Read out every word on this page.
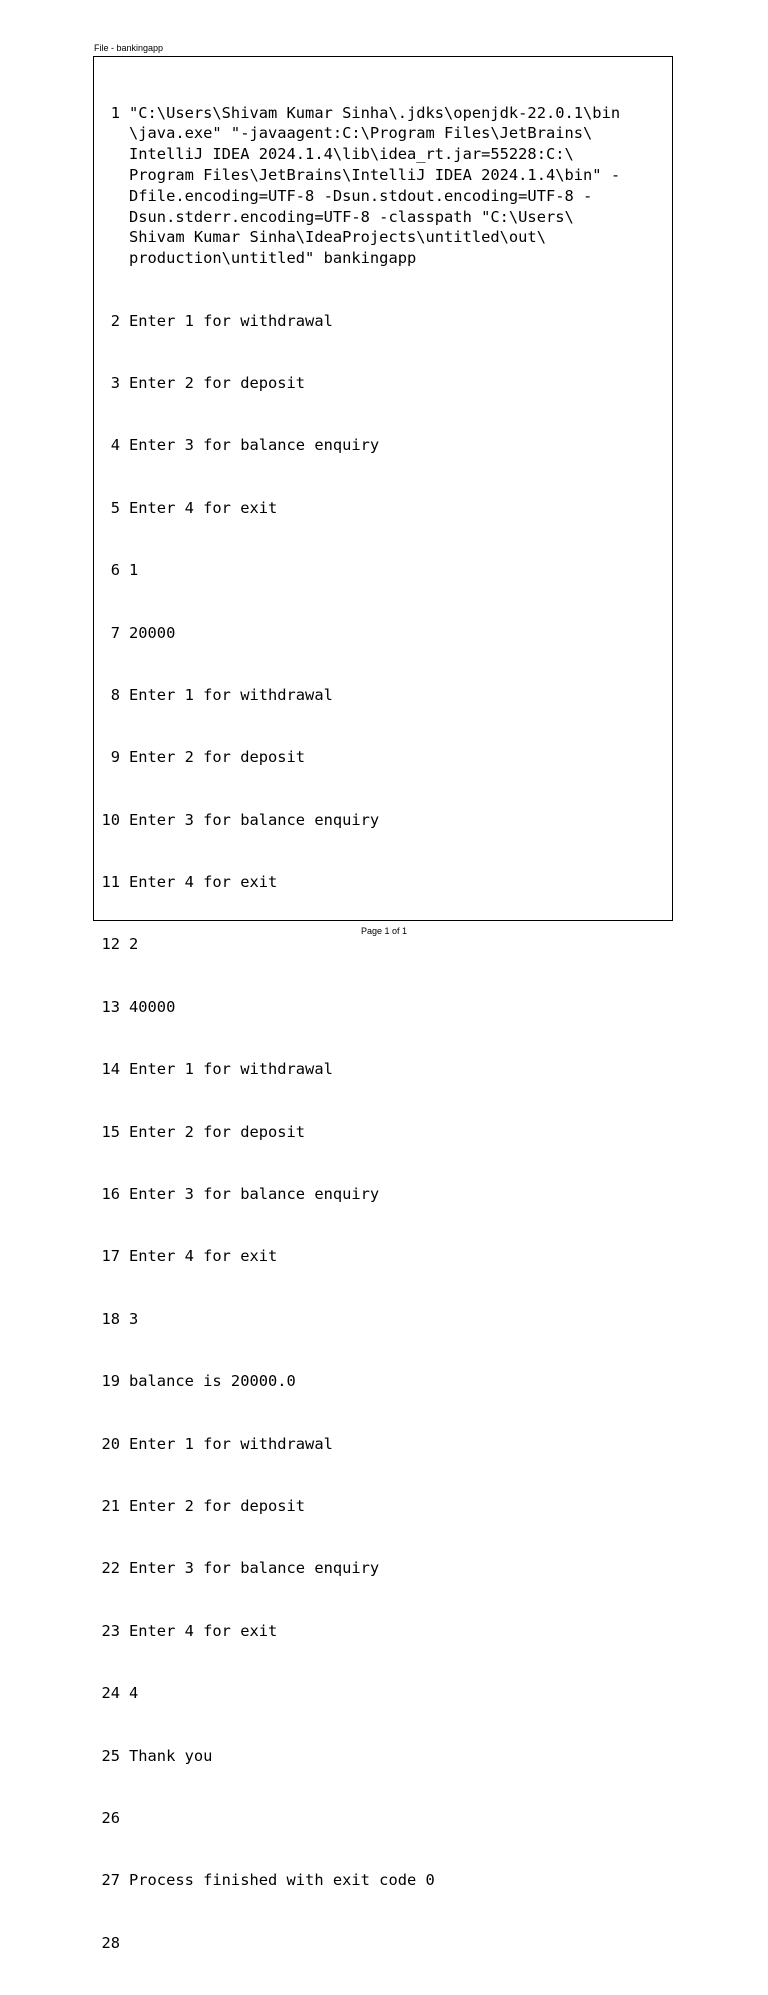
File - bankingapp

1 "C:\Users\Shivam Kumar Sinha\.jdks\openjdk-22.0.1\bin
\java.exe" "-javaagent:C:\Program Files\JetBrains\
IntelliJ IDEA 2024.1.4\lib\idea_rt.jar=55228:C:\
Program Files\JetBrains\IntelliJ IDEA 2024.1.4\bin" -
Dfile.encoding=UTF-8 -Dsun.stdout.encoding=UTF-8 -
Dsun.stderr.encoding=UTF-8 -classpath "C:\Users\
Shivam Kumar Sinha\IdeaProjects\untitled\out\
production\untitled" bankingapp

2 Enter 1 for withdrawal

3 Enter 2 for deposit

4 Enter 3 for balance enquiry

5 Enter 4 for exit

6 1

7 20000

8 Enter 1 for withdrawal

9 Enter 2 for deposit

10 Enter 3 for balance enquiry

11 Enter 4 for exit

12 2

13 40000

14 Enter 1 for withdrawal

15 Enter 2 for deposit

16 Enter 3 for balance enquiry

17 Enter 4 for exit

18 3

19 balance is 20000.0

20 Enter 1 for withdrawal

21 Enter 2 for deposit

22 Enter 3 for balance enquiry

23 Enter 4 for exit

24 4

25 Thank you

26

27 Process finished with exit code 0

28

Page 1 of 1
